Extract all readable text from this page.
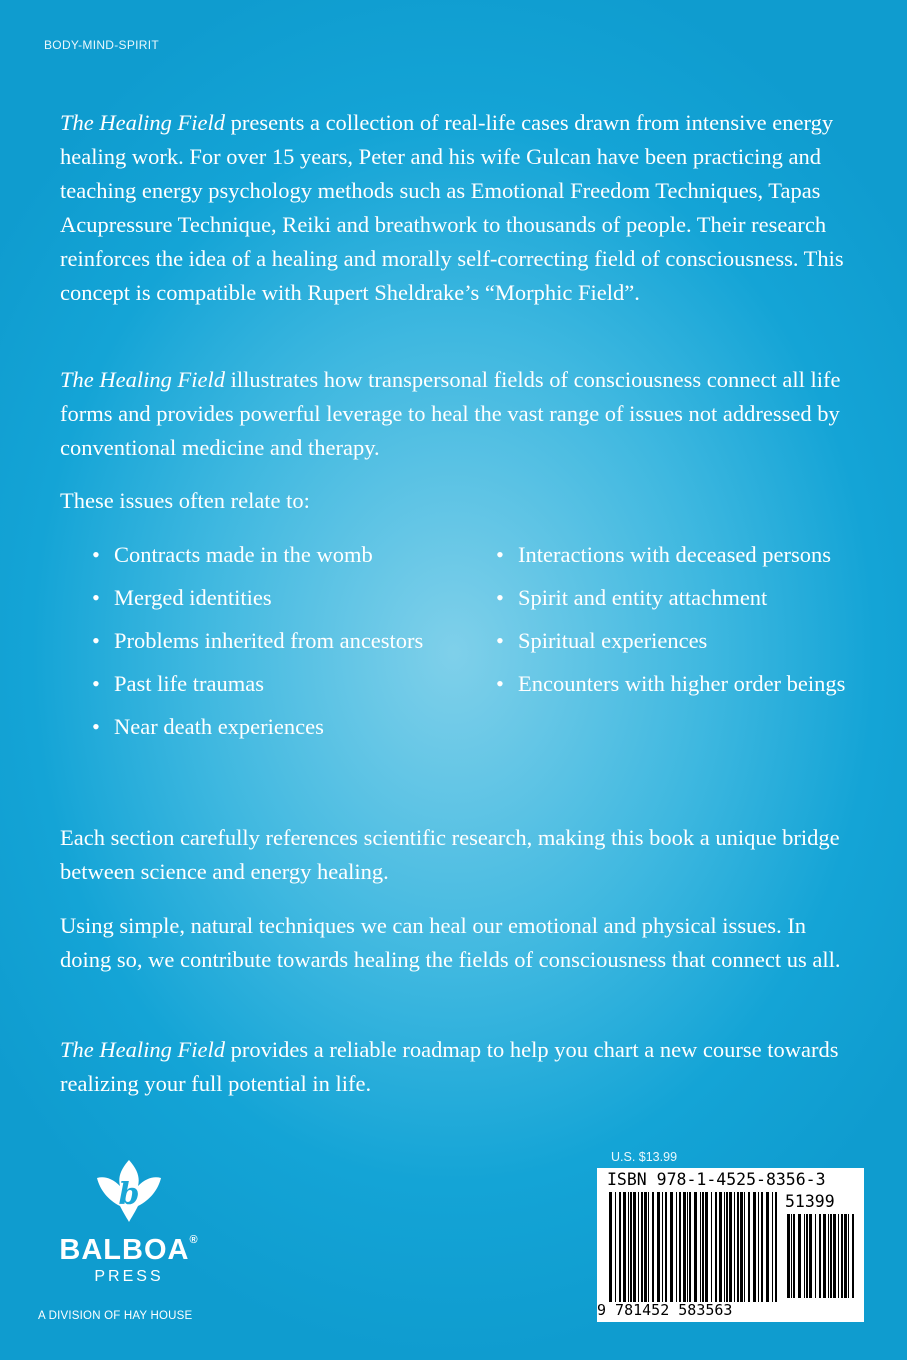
BODY-MIND-SPIRIT

The Healing Field presents a collection of real-life cases drawn from intensive energy healing work. For over 15 years, Peter and his wife Gulcan have been practicing and teaching energy psychology methods such as Emotional Freedom Techniques, Tapas Acupressure Technique, Reiki and breathwork to thousands of people. Their research reinforces the idea of a healing and morally self-correcting field of consciousness. This concept is compatible with Rupert Sheldrake’s “Morphic Field”.

The Healing Field illustrates how transpersonal fields of consciousness connect all life forms and provides powerful leverage to heal the vast range of issues not addressed by conventional medicine and therapy.

These issues often relate to:

• Contracts made in the womb
• Merged identities
• Problems inherited from ancestors
• Past life traumas
• Near death experiences
• Interactions with deceased persons
• Spirit and entity attachment
• Spiritual experiences
• Encounters with higher order beings

Each section carefully references scientific research, making this book a unique bridge between science and energy healing.

Using simple, natural techniques we can heal our emotional and physical issues. In doing so, we contribute towards healing the fields of consciousness that connect us all.

The Healing Field provides a reliable roadmap to help you chart a new course towards realizing your full potential in life.

b
BALBOA®
PRESS
A DIVISION OF HAY HOUSE
U.S. $13.99
ISBN 978-1-4525-8356-3
51399
9 781452 583563
